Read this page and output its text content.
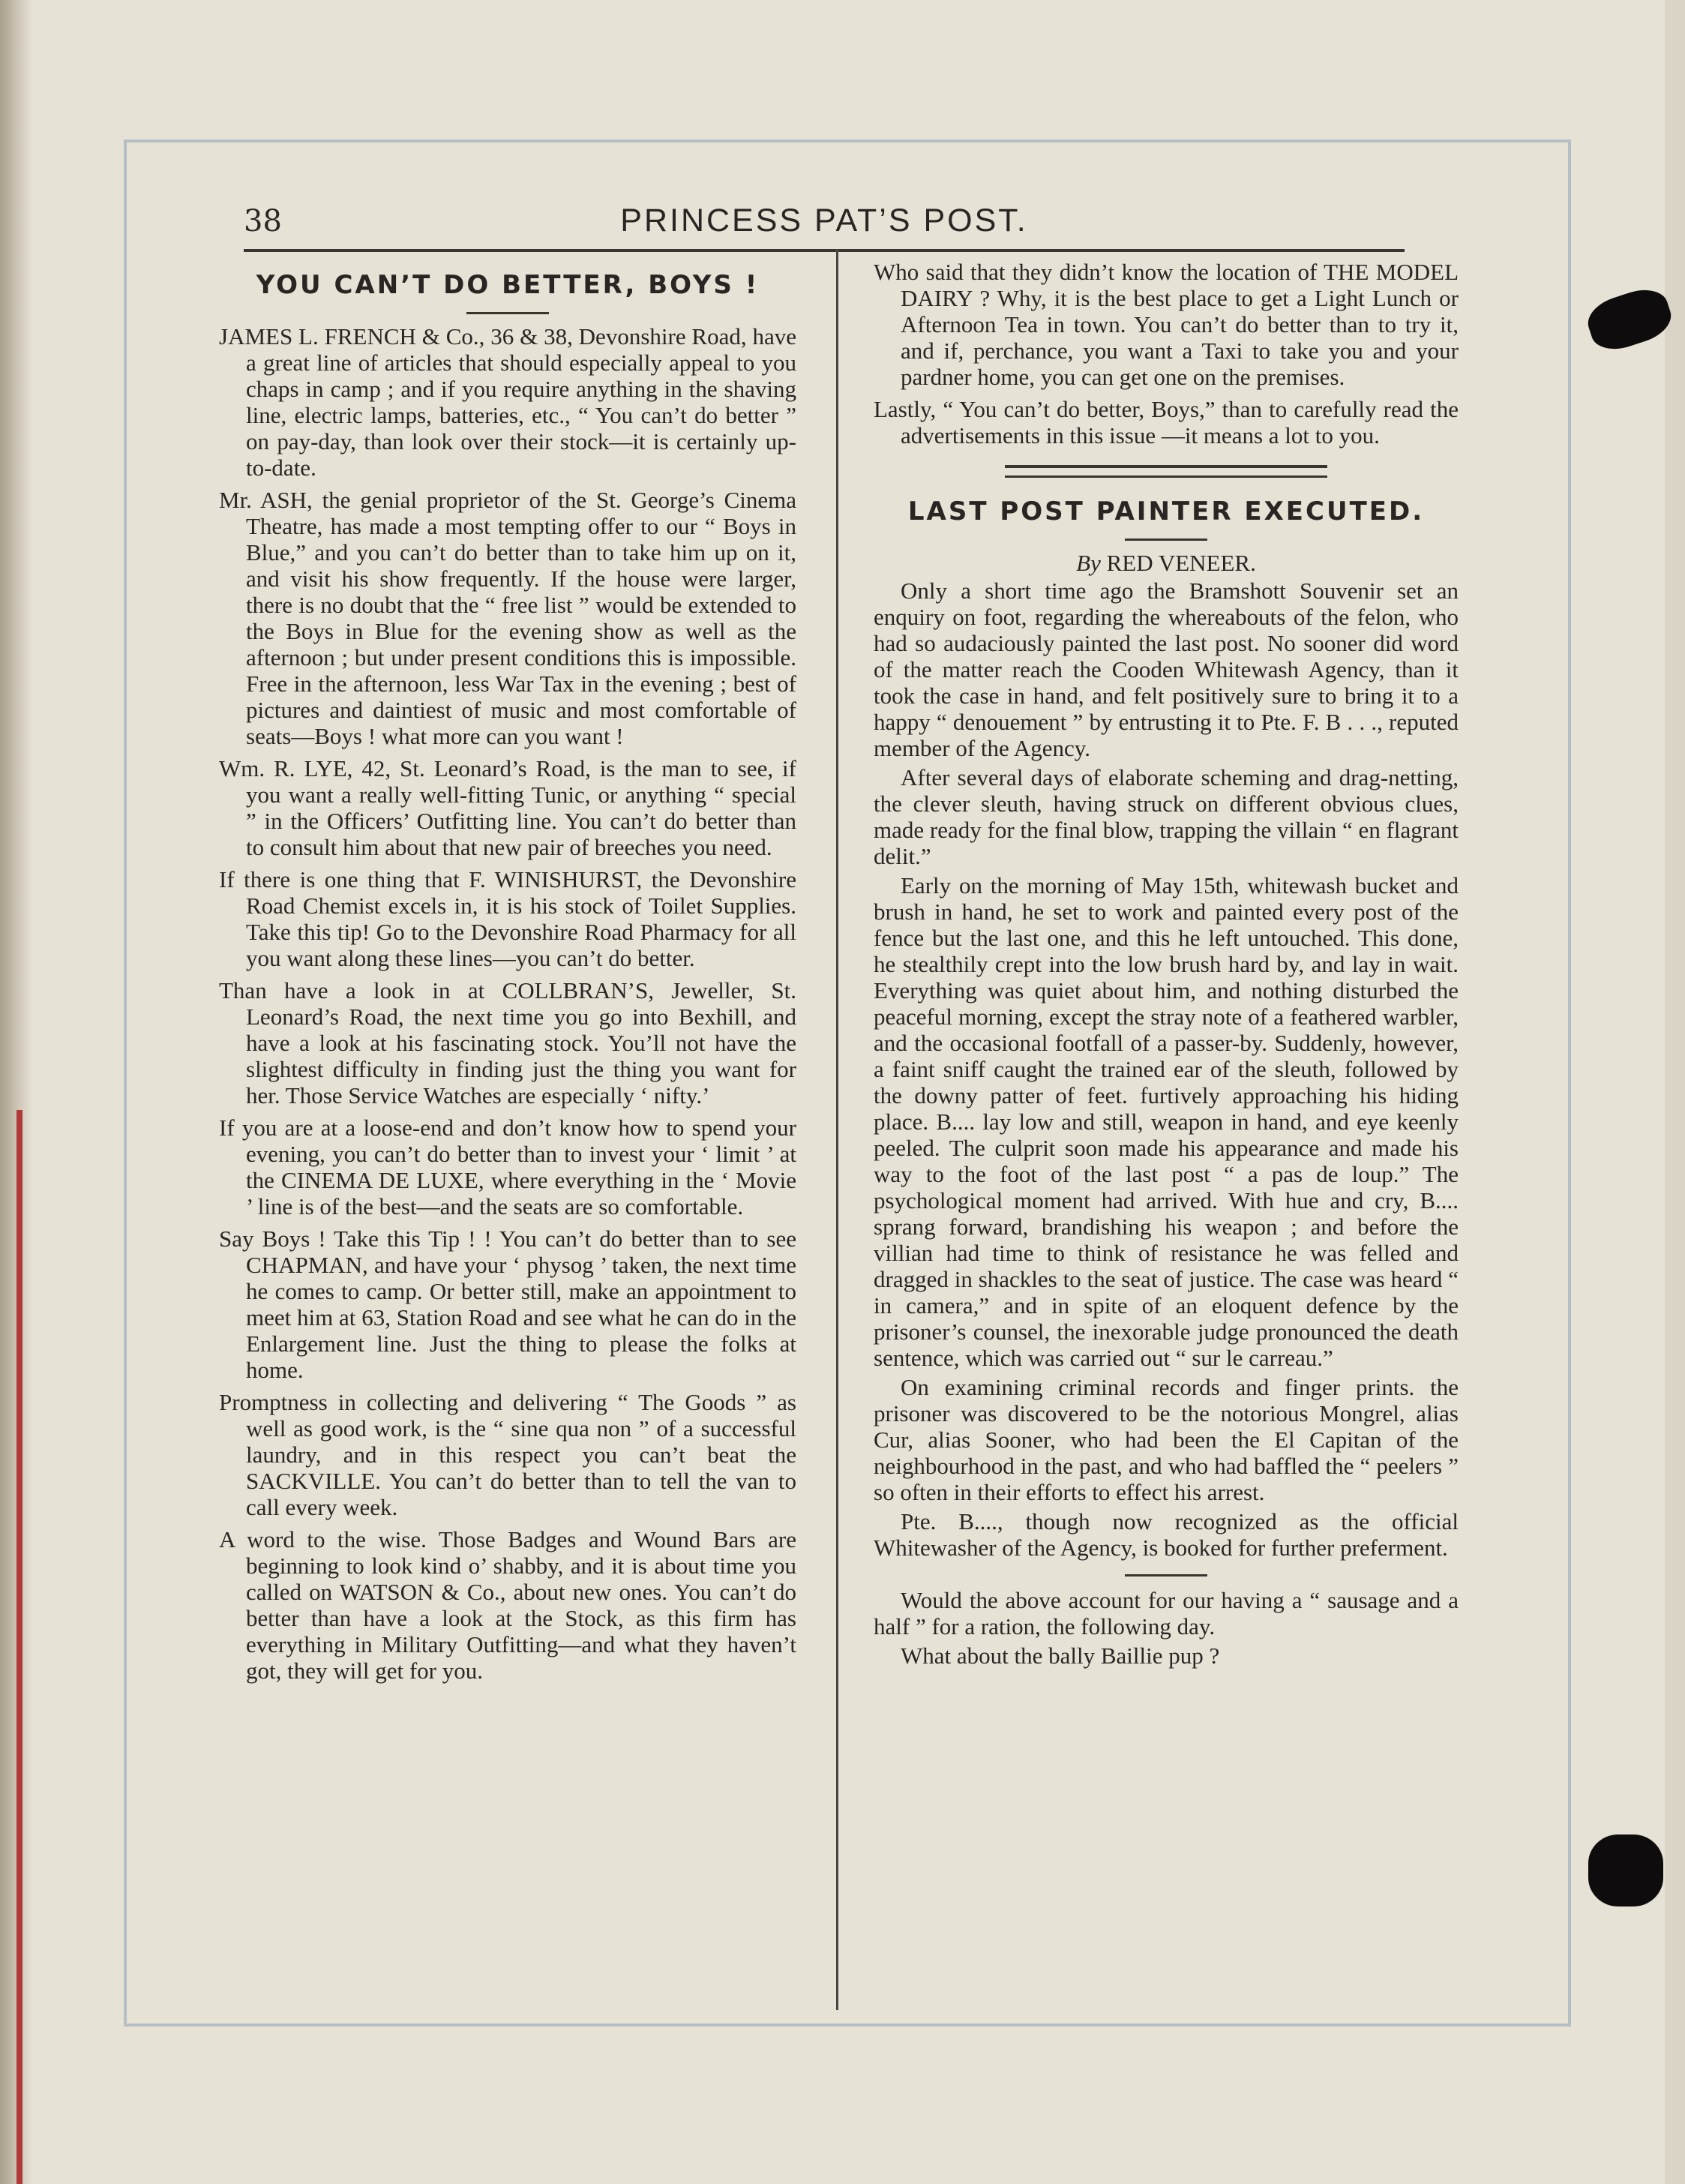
38	PRINCESS PAT’S POST.
YOU CAN’T DO BETTER, BOYS !

JAMES L. FRENCH & Co., 36 & 38, Devonshire Road, have a great line of articles that should especially appeal to you chaps in camp ; and if you require anything in the shaving line, electric lamps, batteries, etc., “ You can’t do better ” on pay-day, than look over their stock—it is certainly up-to-date.

Mr. ASH, the genial proprietor of the St. George’s Cinema Theatre, has made a most tempting offer to our “ Boys in Blue,” and you can’t do better than to take him up on it, and visit his show frequently. If the house were larger, there is no doubt that the “ free list ” would be extended to the Boys in Blue for the evening show as well as the afternoon ; but under present conditions this is impossible. Free in the afternoon, less War Tax in the evening ; best of pictures and daintiest of music and most comfortable of seats—Boys ! what more can you want !

Wm. R. LYE, 42, St. Leonard’s Road, is the man to see, if you want a really well-fitting Tunic, or anything “ special ” in the Officers’ Outfitting line. You can’t do better than to consult him about that new pair of breeches you need.

If there is one thing that F. WINISHURST, the Devonshire Road Chemist excels in, it is his stock of Toilet Supplies. Take this tip! Go to the Devonshire Road Pharmacy for all you want along these lines—you can’t do better.

Than have a look in at COLLBRAN’S, Jeweller, St. Leonard’s Road, the next time you go into Bexhill, and have a look at his fascinating stock. You’ll not have the slightest difficulty in finding just the thing you want for her. Those Service Watches are especially ‘ nifty.’

If you are at a loose-end and don’t know how to spend your evening, you can’t do better than to invest your ‘ limit ’ at the CINEMA DE LUXE, where everything in the ‘ Movie ’ line is of the best—and the seats are so comfortable.

Say Boys ! Take this Tip ! ! You can’t do better than to see CHAPMAN, and have your ‘ physog ’ taken, the next time he comes to camp. Or better still, make an appointment to meet him at 63, Station Road and see what he can do in the Enlargement line. Just the thing to please the folks at home.

Promptness in collecting and delivering “ The Goods ” as well as good work, is the “ sine qua non ” of a successful laundry, and in this respect you can’t beat the SACKVILLE. You can’t do better than to tell the van to call every week.

A word to the wise. Those Badges and Wound Bars are beginning to look kind o’ shabby, and it is about time you called on WATSON & Co., about new ones. You can’t do better than have a look at the Stock, as this firm has everything in Military Outfitting—and what they haven’t got, they will get for you.

Who said that they didn’t know the location of THE MODEL DAIRY ? Why, it is the best place to get a Light Lunch or Afternoon Tea in town. You can’t do better than to try it, and if, perchance, you want a Taxi to take you and your pardner home, you can get one on the premises.

Lastly, “ You can’t do better, Boys,” than to carefully read the advertisements in this issue —it means a lot to you.

LAST POST PAINTER EXECUTED.

By RED VENEER.

Only a short time ago the Bramshott Souvenir set an enquiry on foot, regarding the whereabouts of the felon, who had so audaciously painted the last post. No sooner did word of the matter reach the Cooden Whitewash Agency, than it took the case in hand, and felt positively sure to bring it to a happy “ denouement ” by entrusting it to Pte. F. B . . ., reputed member of the Agency.

After several days of elaborate scheming and drag-netting, the clever sleuth, having struck on different obvious clues, made ready for the final blow, trapping the villain “ en flagrant delit.”

Early on the morning of May 15th, whitewash bucket and brush in hand, he set to work and painted every post of the fence but the last one, and this he left untouched. This done, he stealthily crept into the low brush hard by, and lay in wait. Everything was quiet about him, and nothing disturbed the peaceful morning, except the stray note of a feathered warbler, and the occasional footfall of a passer-by. Suddenly, however, a faint sniff caught the trained ear of the sleuth, followed by the downy patter of feet. furtively approaching his hiding place. B.... lay low and still, weapon in hand, and eye keenly peeled. The culprit soon made his appearance and made his way to the foot of the last post “ a pas de loup.” The psychological moment had arrived. With hue and cry, B.... sprang forward, brandishing his weapon ; and before the villian had time to think of resistance he was felled and dragged in shackles to the seat of justice. The case was heard “ in camera,” and in spite of an eloquent defence by the prisoner’s counsel, the inexorable judge pronounced the death sentence, which was carried out “ sur le carreau.”

On examining criminal records and finger prints. the prisoner was discovered to be the notorious Mongrel, alias Cur, alias Sooner, who had been the El Capitan of the neighbourhood in the past, and who had baffled the “ peelers ” so often in their efforts to effect his arrest.

Pte. B...., though now recognized as the official Whitewasher of the Agency, is booked for further preferment.

Would the above account for our having a “ sausage and a half ” for a ration, the following day.

What about the bally Baillie pup ?
